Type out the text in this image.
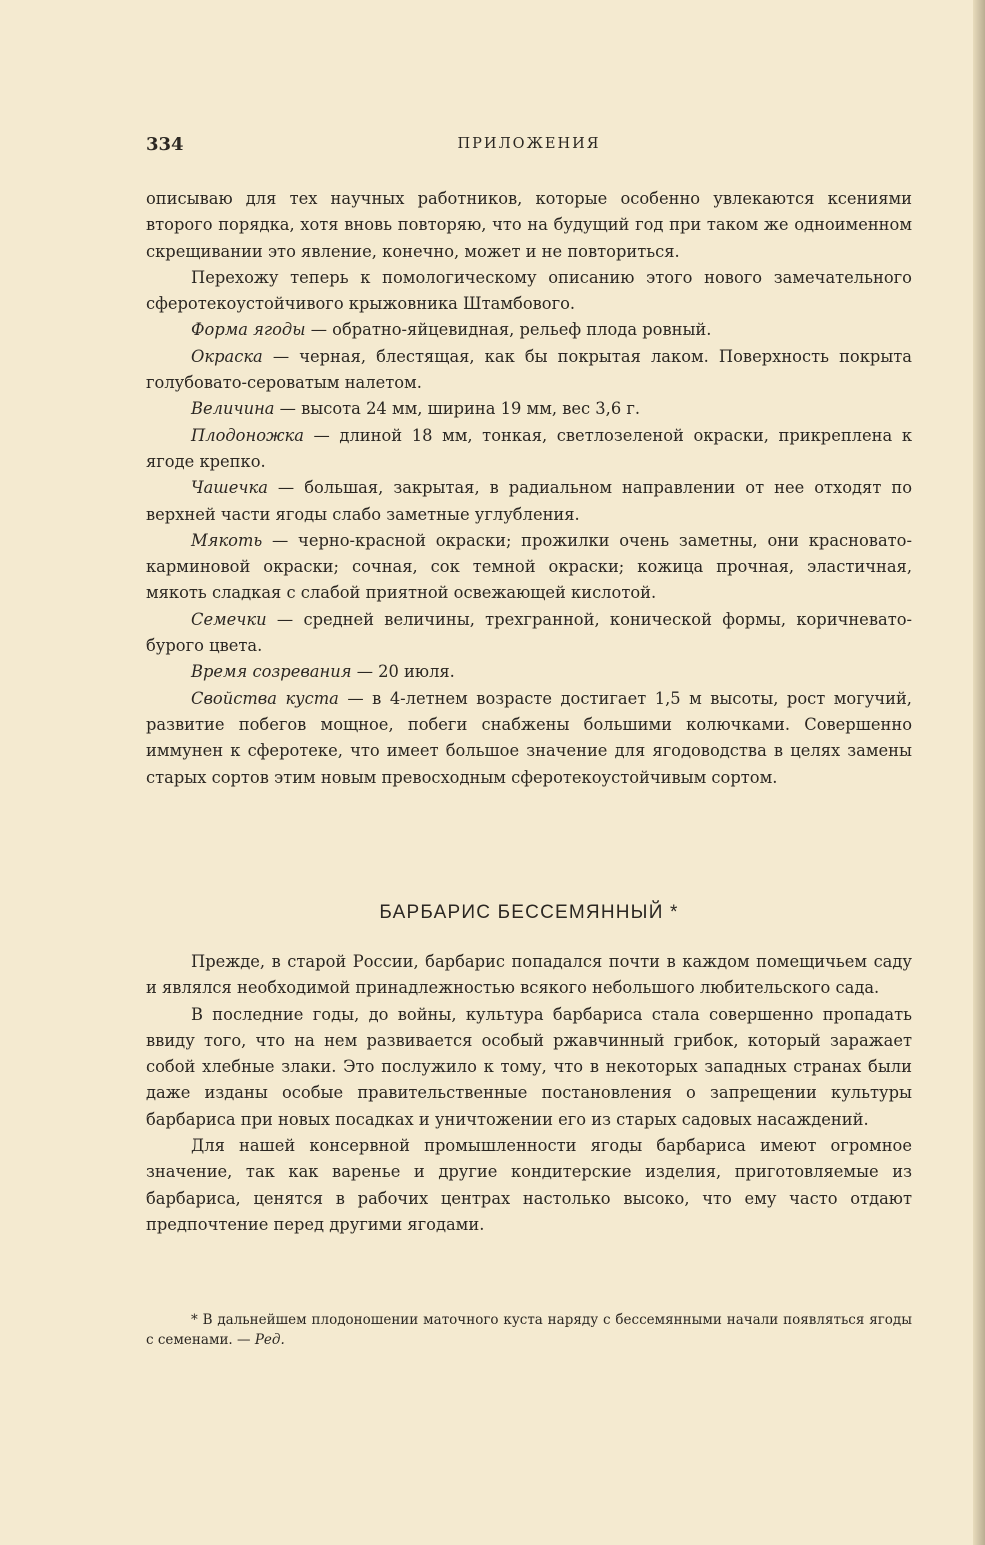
334	ПРИЛОЖЕНИЯ

описываю для тех научных работников, которые особенно увлекаются ксениями второго порядка, хотя вновь повторяю, что на будущий год при таком же одноименном скрещивании это явление, конечно, может и не повториться.

Перехожу теперь к помологическому описанию этого нового замечательного сферотекоустойчивого крыжовника Штамбового.

Форма ягоды — обратно-яйцевидная, рельеф плода ровный.

Окраска — черная, блестящая, как бы покрытая лаком. Поверхность покрыта голубовато-сероватым налетом.

Величина — высота 24 мм, ширина 19 мм, вес 3,6 г.

Плодоножка — длиной 18 мм, тонкая, светлозеленой окраски, прикреплена к ягоде крепко.

Чашечка — большая, закрытая, в радиальном направлении от нее отходят по верхней части ягоды слабо заметные углубления.

Мякоть — черно-красной окраски; прожилки очень заметны, они красновато-карминовой окраски; сочная, сок темной окраски; кожица прочная, эластичная, мякоть сладкая с слабой приятной освежающей кислотой.

Семечки — средней величины, трехгранной, конической формы, коричневато-бурого цвета.

Время созревания — 20 июля.

Свойства куста — в 4-летнем возрасте достигает 1,5 м высоты, рост могучий, развитие побегов мощное, побеги снабжены большими колючками. Совершенно иммунен к сферотеке, что имеет большое значение для ягодоводства в целях замены старых сортов этим новым превосходным сферотекоустойчивым сортом.

БАРБАРИС БЕССЕМЯННЫЙ *

Прежде, в старой России, барбарис попадался почти в каждом помещичьем саду и являлся необходимой принадлежностью всякого небольшого любительского сада.

В последние годы, до войны, культура барбариса стала совершенно пропадать ввиду того, что на нем развивается особый ржавчинный грибок, который заражает собой хлебные злаки. Это послужило к тому, что в некоторых западных странах были даже изданы особые правительственные постановления о запрещении культуры барбариса при новых посадках и уничтожении его из старых садовых насаждений.

Для нашей консервной промышленности ягоды барбариса имеют огромное значение, так как варенье и другие кондитерские изделия, приготовляемые из барбариса, ценятся в рабочих центрах настолько высоко, что ему часто отдают предпочтение перед другими ягодами.

* В дальнейшем плодоношении маточного куста наряду с бессемянными начали появляться ягоды с семенами. — Ред.
